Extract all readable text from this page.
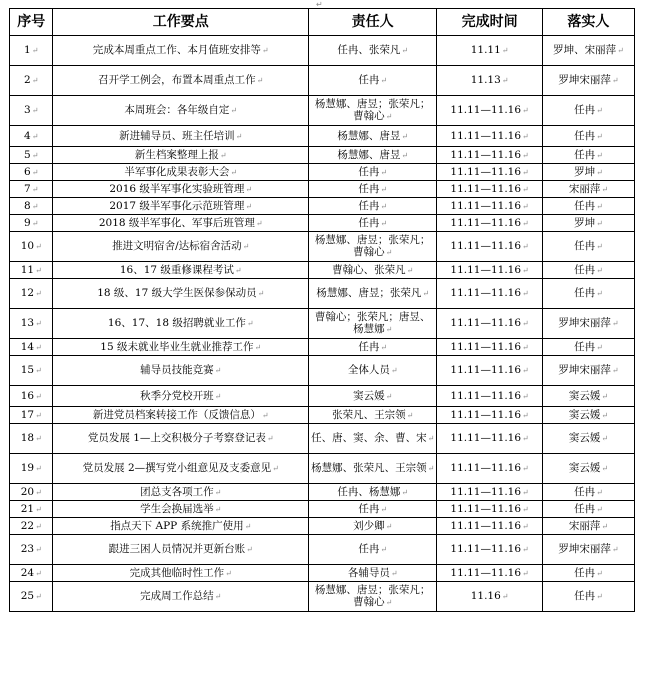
序号	工作要点	责任人	完成时间	落实人
1↵	完成本周重点工作、本月值班安排等↵	任冉、张荣凡↵	11.11↵	罗坤、宋丽萍↵
2↵	召开学工例会，布置本周重点工作↵	任冉↵	11.13↵	罗坤宋丽萍↵
3↵	本周班会：各年级自定↵	杨慧娜、唐昱；张荣凡；曹翰心↵	11.11—11.16↵	任冉↵
4↵	新进辅导员、班主任培训↵	杨慧娜、唐昱↵	11.11—11.16↵	任冉↵
5↵	新生档案整理上报↵	杨慧娜、唐昱↵	11.11—11.16↵	任冉↵
6↵	半军事化成果表彰大会↵	任冉↵	11.11—11.16↵	罗坤↵
7↵	2016 级半军事化实验班管理↵	任冉↵	11.11—11.16↵	宋丽萍↵
8↵	2017 级半军事化示范班管理↵	任冉↵	11.11—11.16↵	任冉↵
9↵	2018 级半军事化、军事后班管理↵	任冉↵	11.11—11.16↵	罗坤↵
10↵	推进文明宿舍/达标宿舍活动↵	杨慧娜、唐昱；张荣凡；曹翰心↵	11.11—11.16↵	任冉↵
11↵	16、17 级重修课程考试↵	曹翰心、张荣凡↵	11.11—11.16↵	任冉↵
12↵	18 级、17 级大学生医保参保动员↵	杨慧娜、唐昱；张荣凡↵	11.11—11.16↵	任冉↵
13↵	16、17、18 级招聘就业工作↵	曹翰心；张荣凡；唐昱、杨慧娜↵	11.11—11.16↵	罗坤宋丽萍↵
14↵	15 级未就业毕业生就业推荐工作↵	任冉↵	11.11—11.16↵	任冉↵
15↵	辅导员技能竞赛↵	全体人员↵	11.11—11.16↵	罗坤宋丽萍↵
16↵	秋季分党校开班↵	窦云媛↵	11.11—11.16↵	窦云媛↵
17↵	新进党员档案转接工作（反馈信息）↵	张荣凡、王宗领↵	11.11—11.16↵	窦云媛↵
18↵	党员发展 1—上交积极分子考察登记表↵	任、唐、窦、余、曹、宋↵	11.11—11.16↵	窦云媛↵
19↵	党员发展 2—撰写党小组意见及支委意见↵	杨慧娜、张荣凡、王宗领↵	11.11—11.16↵	窦云媛↵
20↵	团总支各项工作↵	任冉、杨慧娜↵	11.11—11.16↵	任冉↵
21↵	学生会换届选举↵	任冉↵	11.11—11.16↵	任冉↵
22↵	指点天下 APP 系统推广使用↵	刘少卿↵	11.11—11.16↵	宋丽萍↵
23↵	跟进三困人员情况并更新台账↵	任冉↵	11.11—11.16↵	罗坤宋丽萍↵
24↵	完成其他临时性工作↵	各辅导员↵	11.11—11.16↵	任冉↵
25↵	完成周工作总结↵	杨慧娜、唐昱；张荣凡；曹翰心↵	11.16↵	任冉↵
↵
